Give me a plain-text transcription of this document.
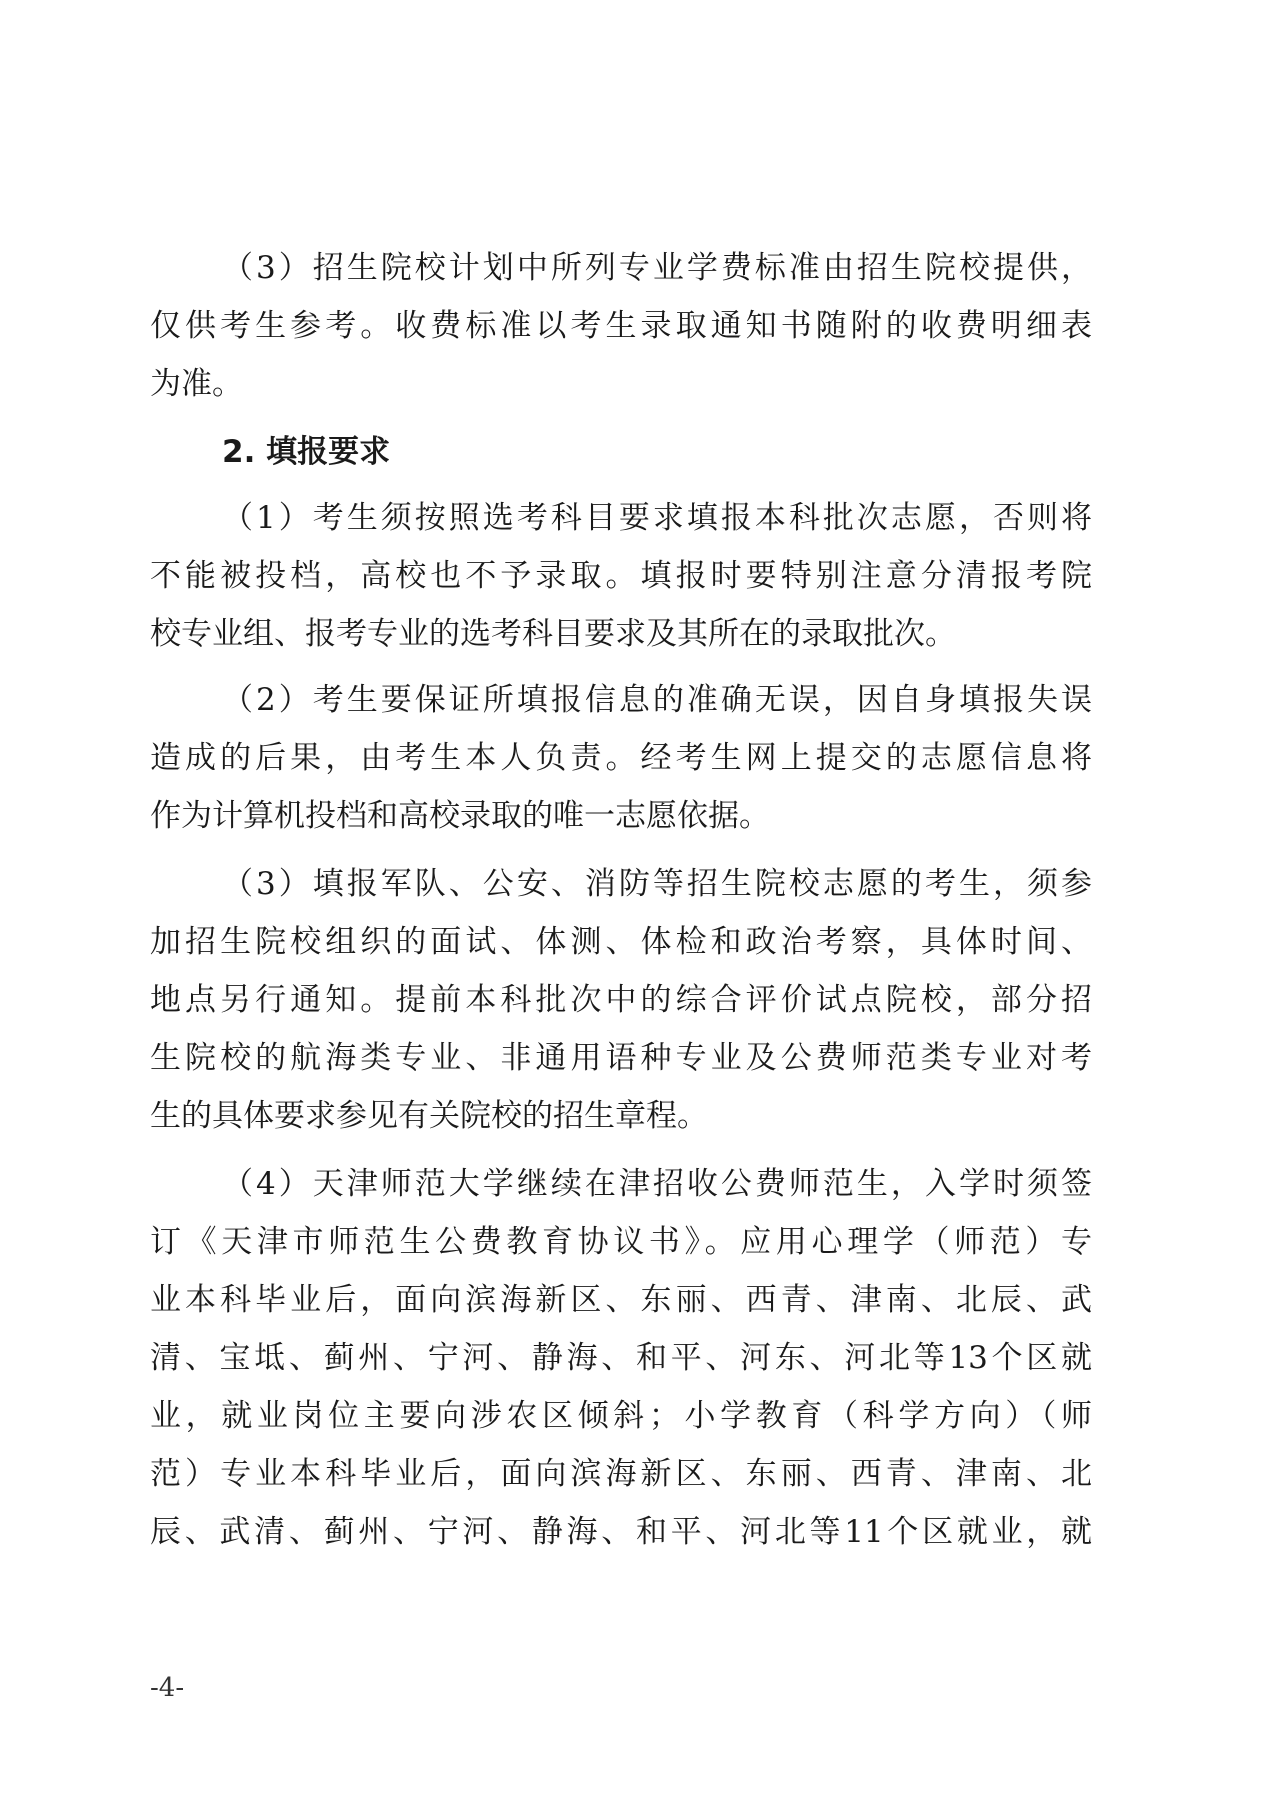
（3）招生院校计划中所列专业学费标准由招生院校提供，
仅供考生参考。收费标准以考生录取通知书随附的收费明细表
为准。
2. 填报要求
（1）考生须按照选考科目要求填报本科批次志愿，否则将
不能被投档，高校也不予录取。填报时要特别注意分清报考院
校专业组、报考专业的选考科目要求及其所在的录取批次。
（2）考生要保证所填报信息的准确无误，因自身填报失误
造成的后果，由考生本人负责。经考生网上提交的志愿信息将
作为计算机投档和高校录取的唯一志愿依据。
（3）填报军队、公安、消防等招生院校志愿的考生，须参
加招生院校组织的面试、体测、体检和政治考察，具体时间、
地点另行通知。提前本科批次中的综合评价试点院校，部分招
生院校的航海类专业、非通用语种专业及公费师范类专业对考
生的具体要求参见有关院校的招生章程。
（4）天津师范大学继续在津招收公费师范生，入学时须签
订《天津市师范生公费教育协议书》。应用心理学（师范）专
业本科毕业后，面向滨海新区、东丽、西青、津南、北辰、武
清、宝坻、蓟州、宁河、静海、和平、河东、河北等13个区就
业，就业岗位主要向涉农区倾斜；小学教育（科学方向）（师
范）专业本科毕业后，面向滨海新区、东丽、西青、津南、北
辰、武清、蓟州、宁河、静海、和平、河北等11个区就业，就
-4-
